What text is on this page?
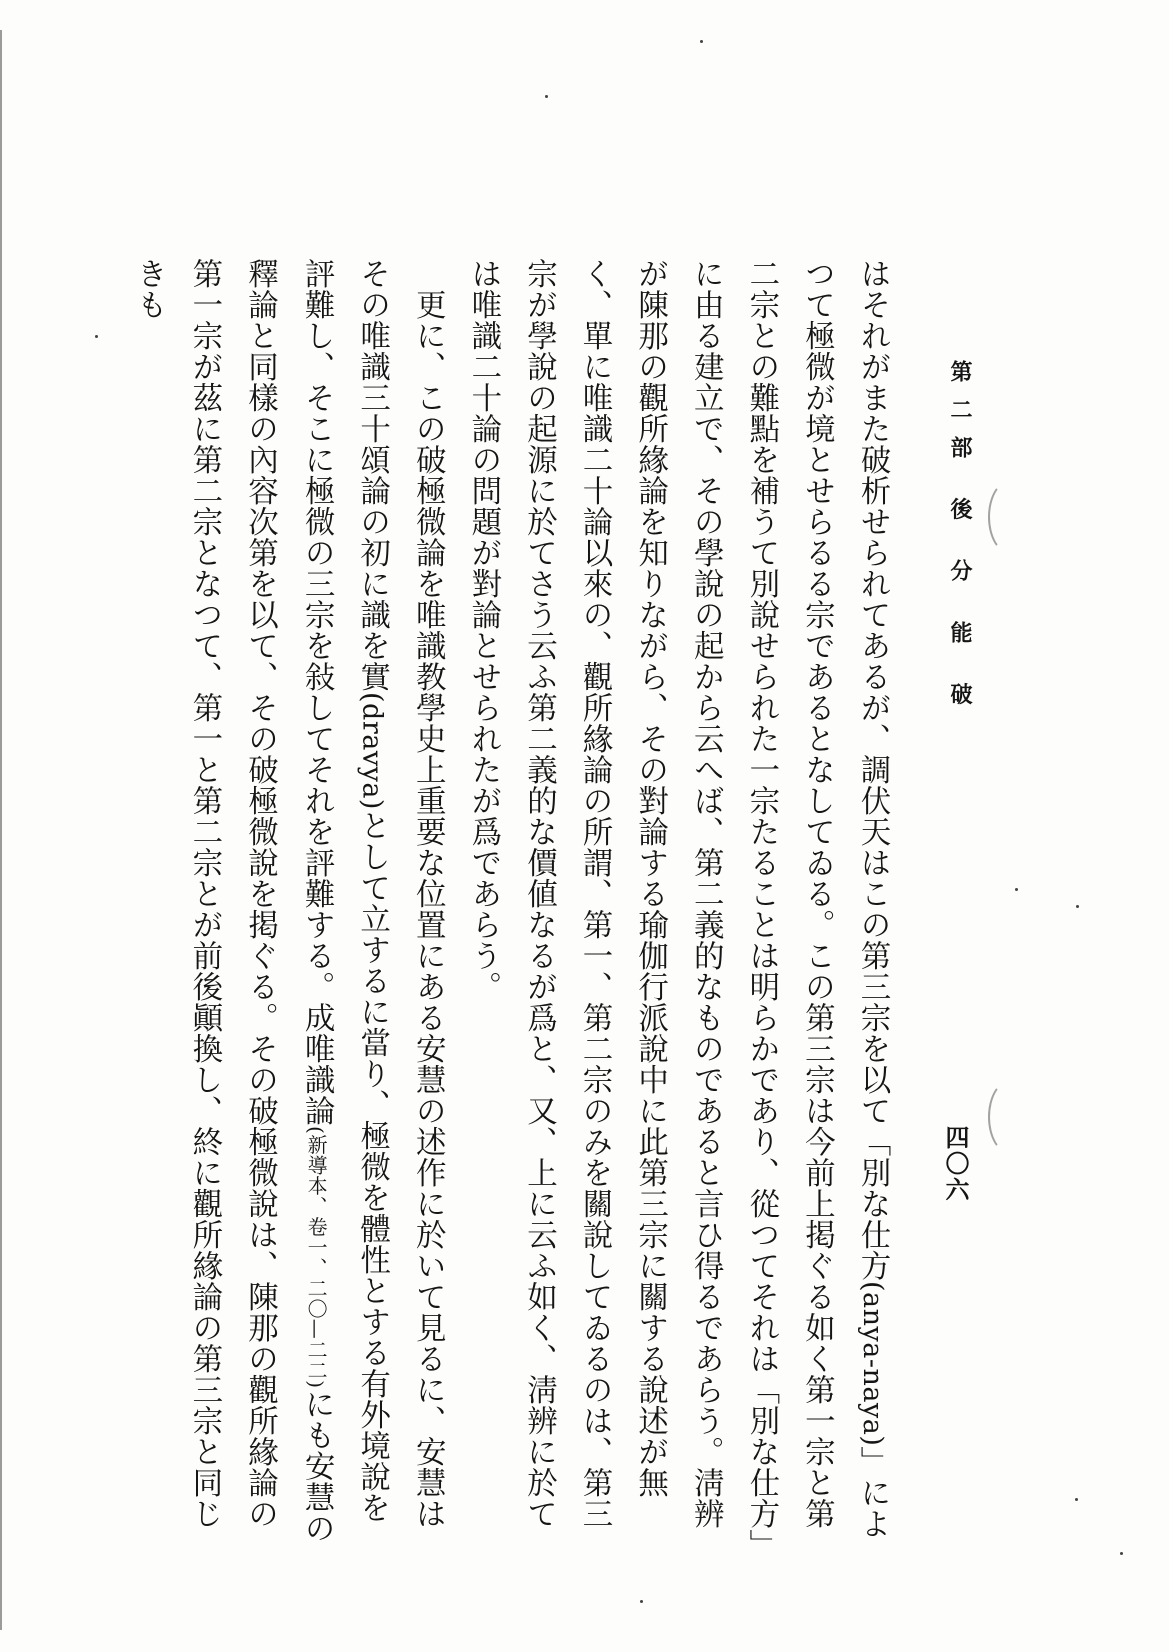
第二部 後 分 能 破
四〇六

はそれがまた破析せられてあるが、調伏天はこの第三宗を以て「別な仕方(anya-naya)」によつて極微が境とせらるる宗であるとなしてゐる。この第三宗は今前上掲ぐる如く第一宗と第二宗との難點を補うて別說せられた一宗たることは明らかであり、從つてそれは「別な仕方」に由る建立で、その學說の起から云へば、第二義的なものであると言ひ得るであらう。淸辨が陳那の觀所緣論を知りながら、その對論する瑜伽行派說中に此第三宗に關する說述が無く、單に唯識二十論以來の、觀所緣論の所謂、第一、第二宗のみを關說してゐるのは、第三宗が學說の起源に於てさう云ふ第二義的な價値なるが爲と、又、上に云ふ如く、淸辨に於ては唯識二十論の問題が對論とせられたが爲であらう。

更に、この破極微論を唯識教學史上重要な位置にある安慧の述作に於いて見るに、安慧はその唯識三十頌論の初に識を實(dravya)として立するに當り、極微を體性とする有外境說を評難し、そこに極微の三宗を敍してそれを評難する。成唯識論(新導本、卷一、二〇—二二)にも安慧の釋論と同樣の內容次第を以て、その破極微說を掲ぐる。その破極微說は、陳那の觀所緣論の第一宗が茲に第二宗となつて、第一と第二宗とが前後顚換し、終に觀所緣論の第三宗と同じきも
